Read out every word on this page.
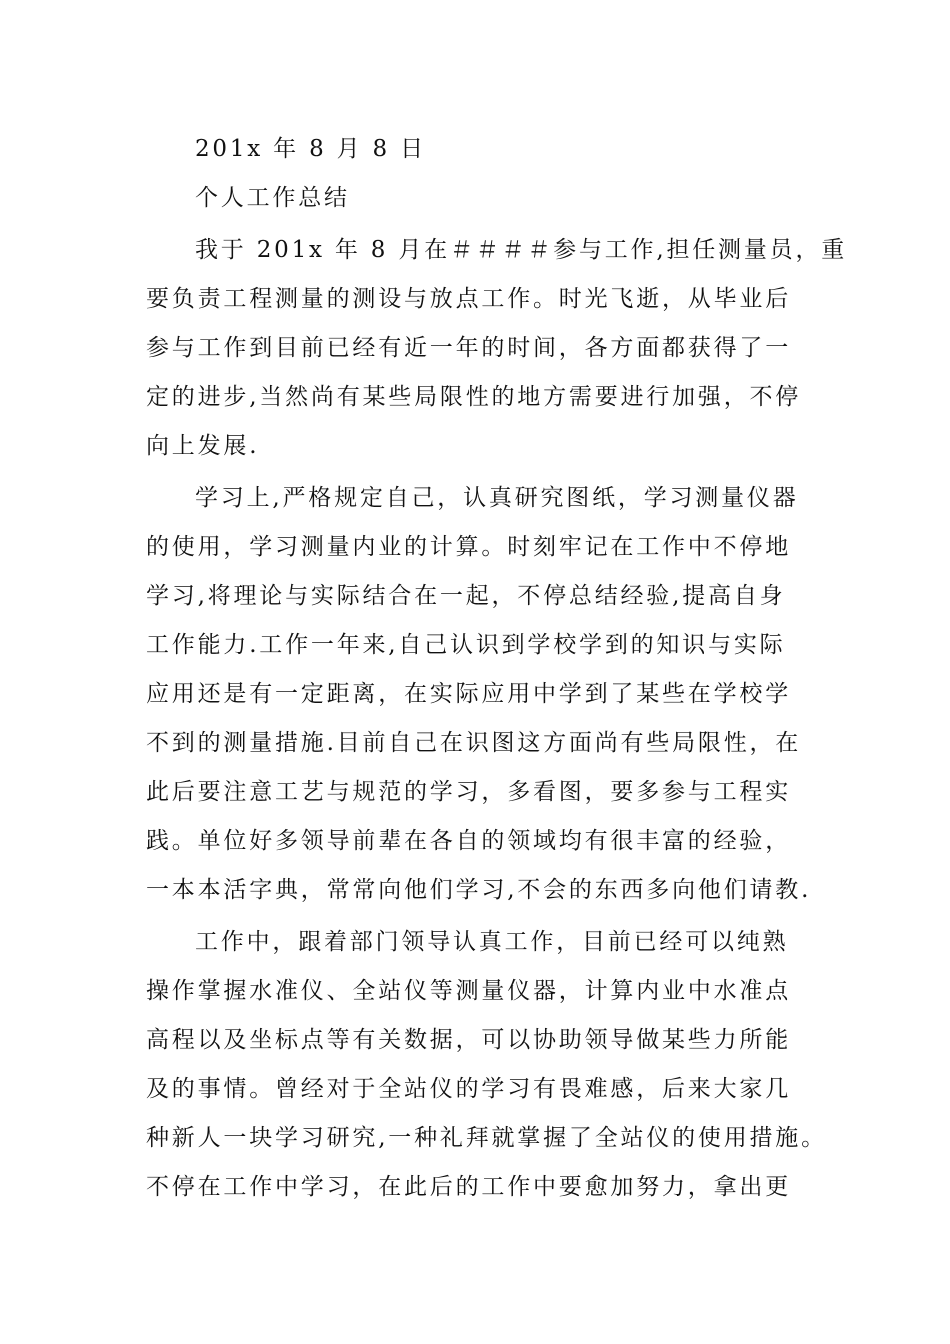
201x 年 8 月 8 日
个人工作总结
我于 201x 年 8 月在＃＃＃＃参与工作,担任测量员，重
要负责工程测量的测设与放点工作。时光飞逝，从毕业后
参与工作到目前已经有近一年的时间，各方面都获得了一
定的进步,当然尚有某些局限性的地方需要进行加强，不停
向上发展.
学习上,严格规定自己，认真研究图纸，学习测量仪器
的使用，学习测量内业的计算。时刻牢记在工作中不停地
学习,将理论与实际结合在一起，不停总结经验,提高自身
工作能力.工作一年来,自己认识到学校学到的知识与实际
应用还是有一定距离，在实际应用中学到了某些在学校学
不到的测量措施.目前自己在识图这方面尚有些局限性，在
此后要注意工艺与规范的学习，多看图，要多参与工程实
践。单位好多领导前辈在各自的领域均有很丰富的经验，
一本本活字典，常常向他们学习,不会的东西多向他们请教.
工作中，跟着部门领导认真工作，目前已经可以纯熟
操作掌握水准仪、全站仪等测量仪器，计算内业中水准点
高程以及坐标点等有关数据，可以协助领导做某些力所能
及的事情。曾经对于全站仪的学习有畏难感，后来大家几
种新人一块学习研究,一种礼拜就掌握了全站仪的使用措施。
不停在工作中学习，在此后的工作中要愈加努力，拿出更
